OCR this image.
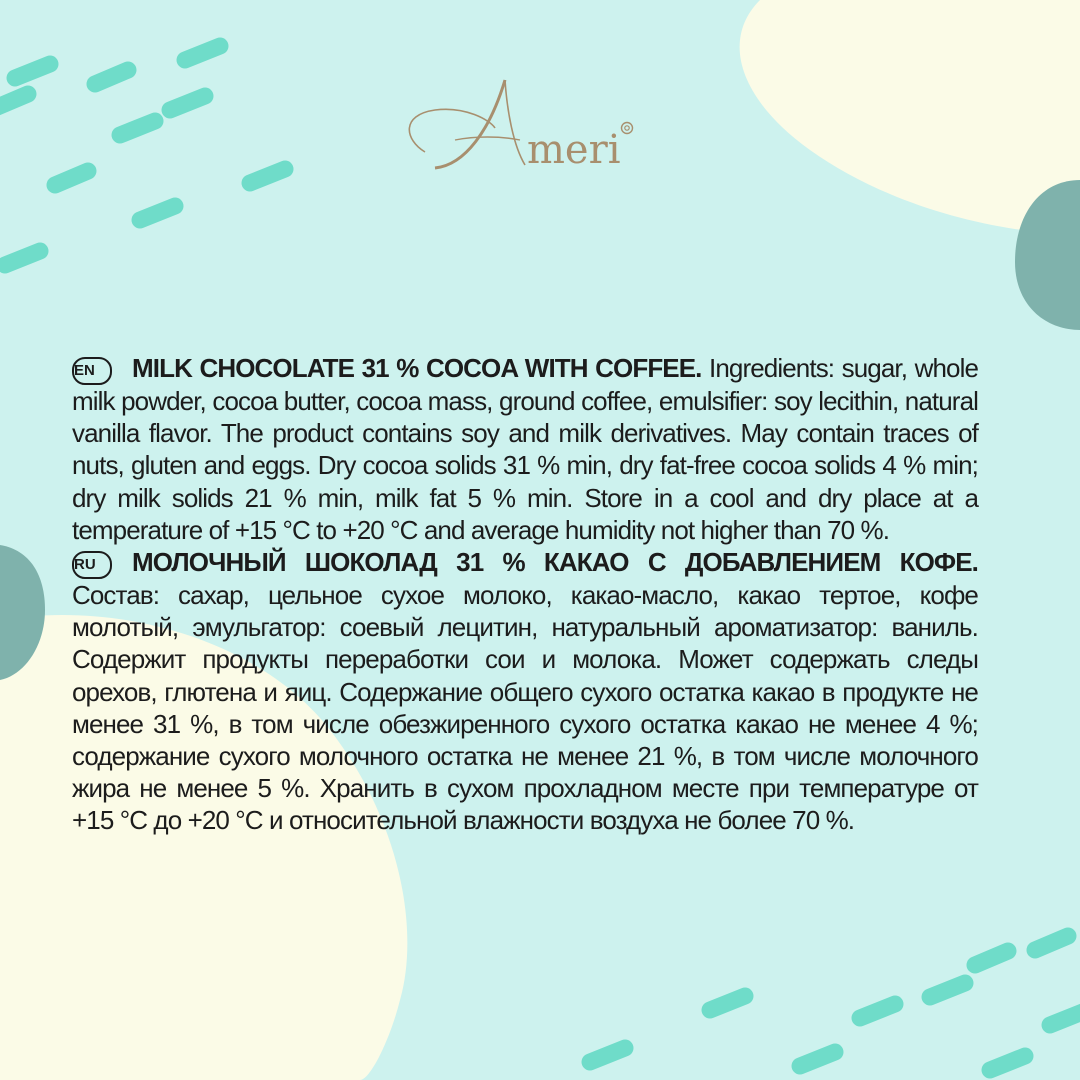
meri

EN MILK CHOCOLATE 31 % COCOA WITH COFFEE. Ingredients: sugar, whole milk powder, cocoa butter, cocoa mass, ground coffee, emulsifier: soy lecithin, natural vanilla flavor. The product contains soy and milk derivatives. May contain traces of nuts, gluten and eggs. Dry cocoa solids 31 % min, dry fat-free cocoa solids 4 % min; dry milk solids 21 % min, milk fat 5 % min. Store in a cool and dry place at a temperature of +15 °C to +20 °C and average humidity not higher than 70 %.

RU МОЛОЧНЫЙ ШОКОЛАД 31 % КАКАО С ДОБАВЛЕНИЕМ КОФЕ. Состав: сахар, цельное сухое молоко, какао-масло, какао тертое, кофе молотый, эмульгатор: соевый лецитин, натуральный ароматизатор: ваниль. Содержит продукты переработки сои и молока. Может содержать следы орехов, глютена и яиц. Содержание общего сухого остатка какао в продукте не менее 31 %, в том числе обезжиренного сухого остатка какао не менее 4 %; содержание сухого молочного остатка не менее 21 %, в том числе молочного жира не менее 5 %. Хранить в сухом прохладном месте при температуре от +15 °С до +20 °С и относительной влажности воздуха не более 70 %.
